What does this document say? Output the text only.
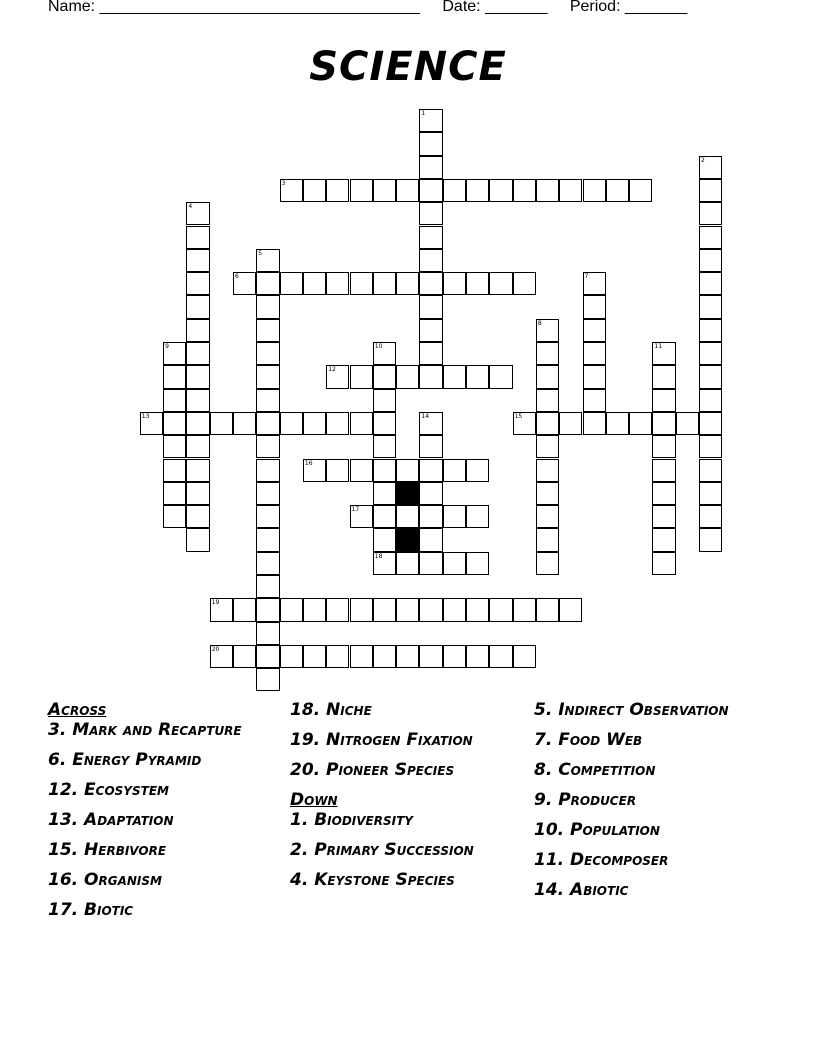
Name: ____________________________________ Date: _______ Period: _______
SCIENCE
1
2
3
4
5
6	7
8
9	10	11
12
13	14	15
16
17
18
19
20
Across
3. Mark and Recapture
6. Energy Pyramid
12. Ecosystem
13. Adaptation
15. Herbivore
16. Organism
17. Biotic
18. Niche
19. Nitrogen Fixation
20. Pioneer Species
Down
1. Biodiversity
2. Primary Succession
4. Keystone Species
5. Indirect Observation
7. Food Web
8. Competition
9. Producer
10. Population
11. Decomposer
14. Abiotic
